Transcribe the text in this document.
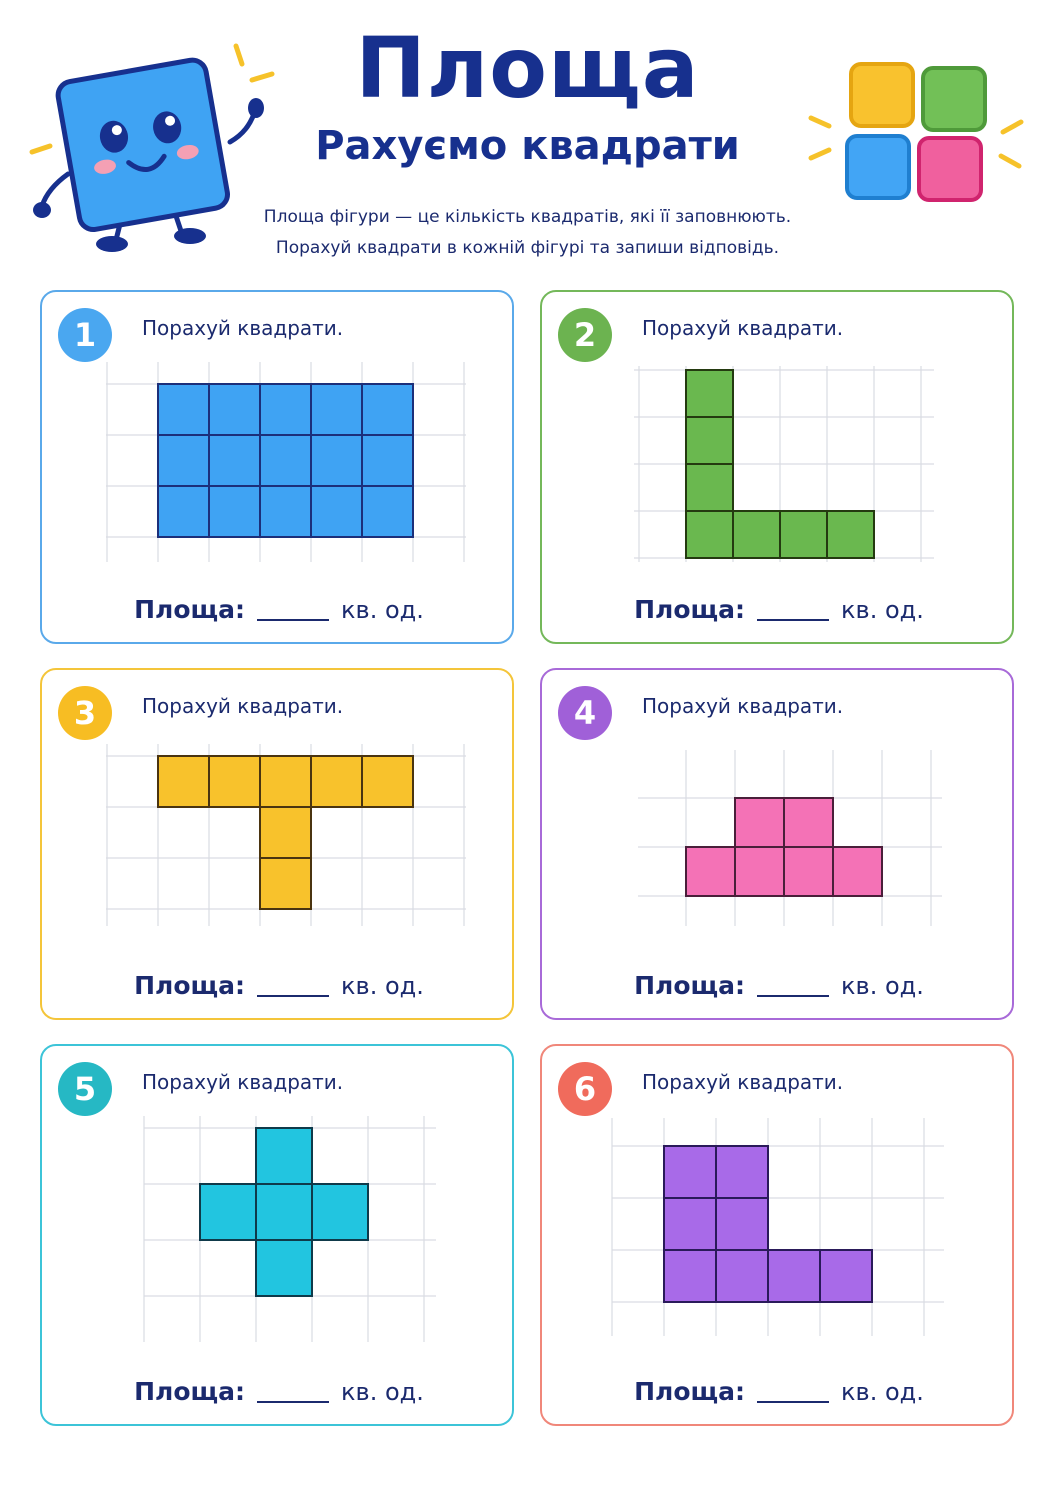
Площа
Рахуємо квадрати
Площа фігури — це кількість квадратів, які її заповнюють.
Порахуй квадрати в кожній фігурі та запиши відповідь.
1	Порахуй квадрати.
Площа:	кв. од.
2	Порахуй квадрати.
Площа:	кв. од.
3	Порахуй квадрати.
Площа:	кв. од.
4	Порахуй квадрати.
Площа:	кв. од.
5	Порахуй квадрати.
Площа:	кв. од.
6	Порахуй квадрати.
Площа:	кв. од.
